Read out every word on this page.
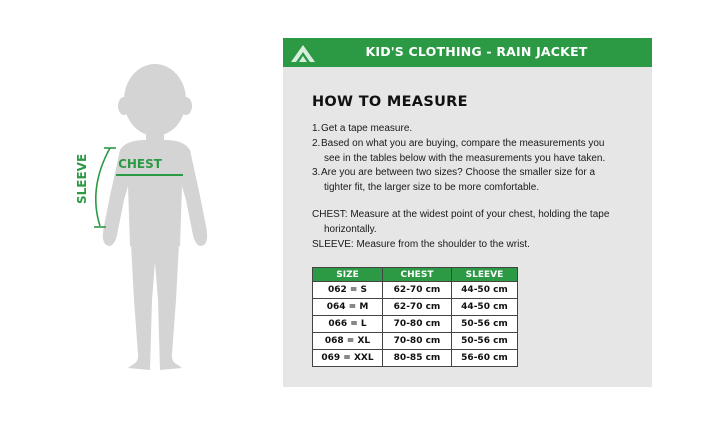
CHEST
SLEEVE
KID'S CLOTHING - RAIN JACKET
HOW TO MEASURE
1.Get a tape measure.
2.Based on what you are buying, compare the measurements you
see in the tables below with the measurements you have taken.
3.Are you are between two sizes? Choose the smaller size for a
tighter fit, the larger size to be more comfortable.

CHEST: Measure at the widest point of your chest, holding the tape
horizontally.

SLEEVE: Measure from the shoulder to the wrist.

SIZE	CHEST	SLEEVE
062 = S	62-70 cm	44-50 cm
064 = M	62-70 cm	44-50 cm
066 = L	70-80 cm	50-56 cm
068 = XL	70-80 cm	50-56 cm
069 = XXL	80-85 cm	56-60 cm
